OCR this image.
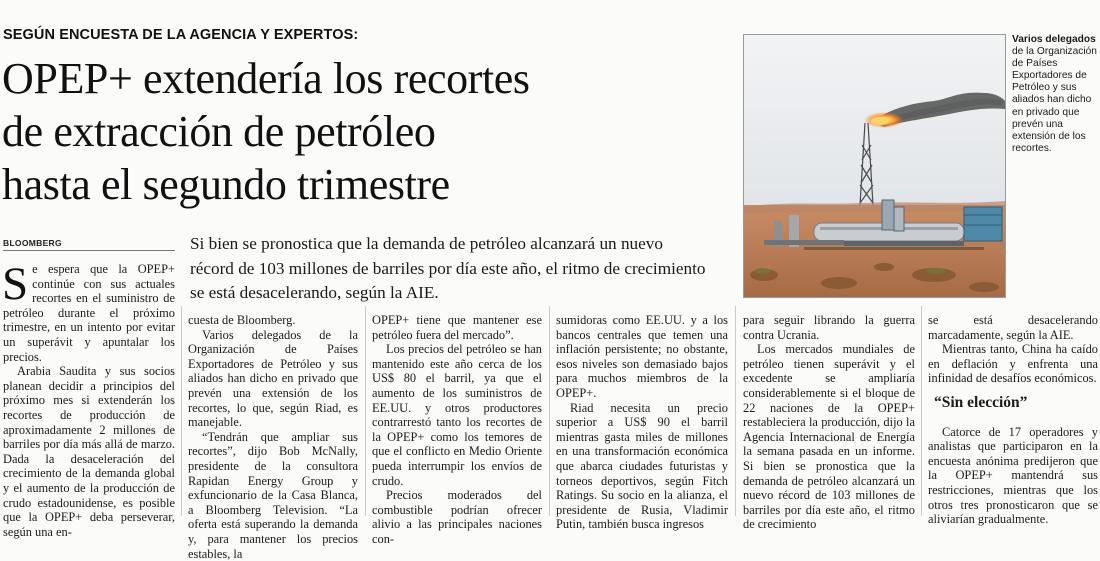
SEGÚN ENCUESTA DE LA AGENCIA Y EXPERTOS:
OPEP+ extendería los recortes
de extracción de petróleo
hasta el segundo trimestre
BLOOMBERG	Si bien se pronostica que la demanda de petróleo alcanzará un nuevo récord de 103 millones de barriles por día este año, el ritmo de crecimiento se está desacelerando, según la AIE.

Se espera que la OPEP+ continúe con sus actuales recortes en el suministro de petróleo durante el próximo trimestre, en un intento por evitar un superávit y apuntalar los precios.

Arabia Saudita y sus socios planean decidir a principios del próximo mes si extenderán los recortes de producción de aproximadamente 2 millones de barriles por día más allá de marzo. Dada la desaceleración del crecimiento de la demanda global y el aumento de la producción de crudo estadounidense, es posible que la OPEP+ deba perseverar, según una en-

cuesta de Bloomberg.

Varios delegados de la Organización de Países Exportadores de Petróleo y sus aliados han dicho en privado que prevén una extensión de los recortes, lo que, según Riad, es manejable.

“Tendrán que ampliar sus recortes”, dijo Bob McNally, presidente de la consultora Rapidan Energy Group y exfuncionario de la Casa Blanca, a Bloomberg Television. “La oferta está superando la demanda y, para mantener los precios estables, la

OPEP+ tiene que mantener ese petróleo fuera del mercado”.

Los precios del petróleo se han mantenido este año cerca de los US$ 80 el barril, ya que el aumento de los suministros de EE.UU. y otros productores contrarrestó tanto los recortes de la OPEP+ como los temores de que el conflicto en Medio Oriente pueda interrumpir los envíos de crudo.

Precios moderados del combustible podrían ofrecer alivio a las principales naciones con-

sumidoras como EE.UU. y a los bancos centrales que temen una inflación persistente; no obstante, esos niveles son demasiado bajos para muchos miembros de la OPEP+.

Riad necesita un precio superior a US$ 90 el barril mientras gasta miles de millones en una transformación económica que abarca ciudades futuristas y torneos deportivos, según Fitch Ratings. Su socio en la alianza, el presidente de Rusia, Vladimir Putin, también busca ingresos

para seguir librando la guerra contra Ucrania.

Los mercados mundiales de petróleo tienen superávit y el excedente se ampliaría considerablemente si el bloque de 22 naciones de la OPEP+ restableciera la producción, dijo la Agencia Internacional de Energía la semana pasada en un informe. Si bien se pronostica que la demanda de petróleo alcanzará un nuevo récord de 103 millones de barriles por día este año, el ritmo de crecimiento

se está desacelerando marcadamente, según la AIE.

Mientras tanto, China ha caído en deflación y enfrenta una infinidad de desafíos económicos.

“Sin elección”

Catorce de 17 operadores y analistas que participaron en la encuesta anónima predijeron que la OPEP+ mantendrá sus restricciones, mientras que los otros tres pronosticaron que se aliviarían gradualmente.

Varios delegados de la Organización de Países Exportadores de Petróleo y sus aliados han dicho en privado que prevén una extensión de los recortes.
